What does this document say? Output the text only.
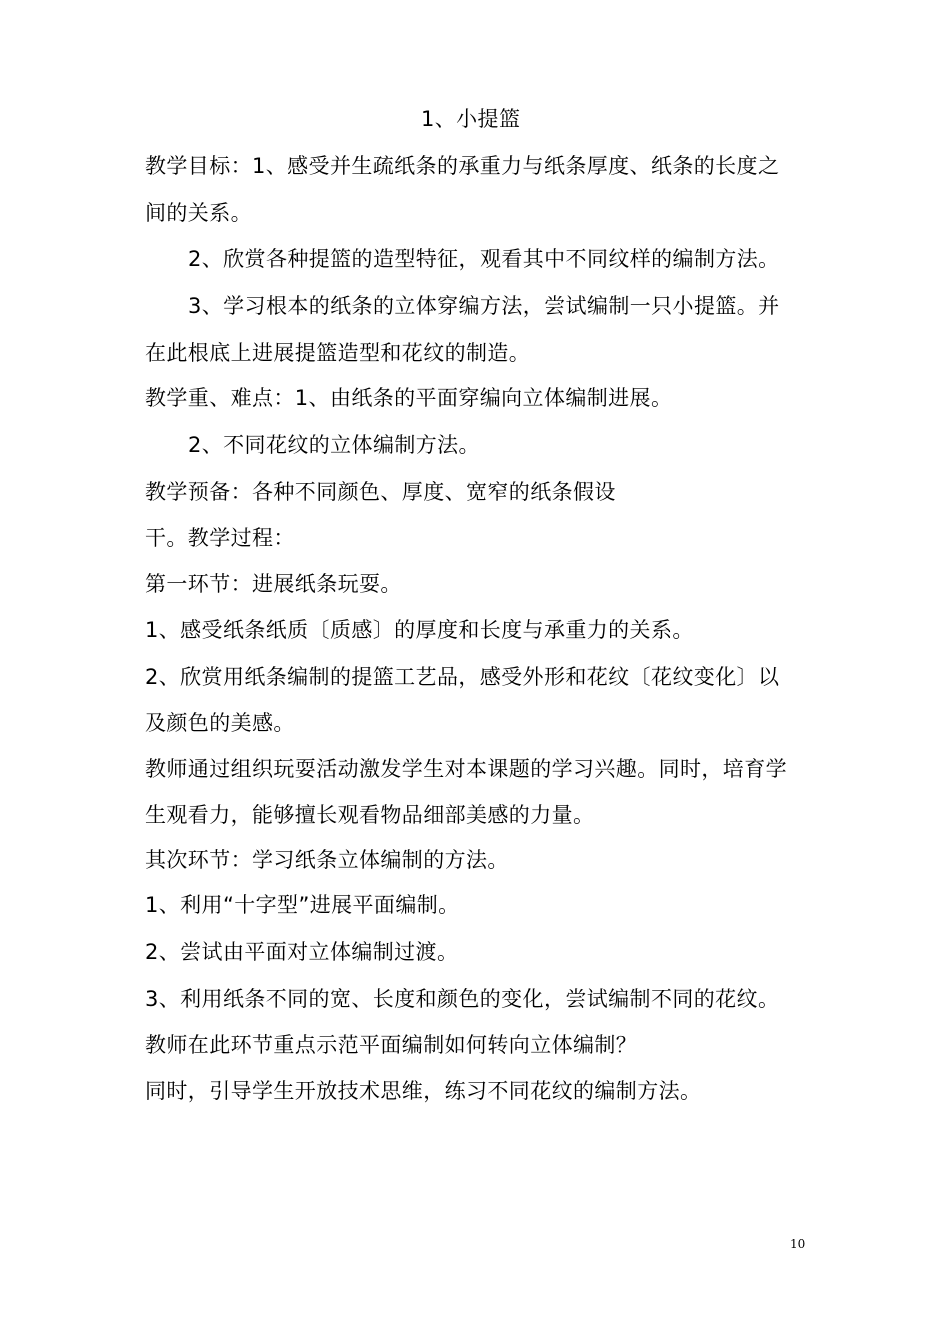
1、小提篮
教学目标：1、感受并生疏纸条的承重力与纸条厚度、纸条的长度之
间的关系。
2、欣赏各种提篮的造型特征，观看其中不同纹样的编制方法。
3、学习根本的纸条的立体穿编方法，尝试编制一只小提篮。并
在此根底上进展提篮造型和花纹的制造。
教学重、难点：1、由纸条的平面穿编向立体编制进展。
2、不同花纹的立体编制方法。
教学预备：各种不同颜色、厚度、宽窄的纸条假设
干。教学过程：
第一环节：进展纸条玩耍。
1、感受纸条纸质〔质感〕的厚度和长度与承重力的关系。
2、欣赏用纸条编制的提篮工艺品，感受外形和花纹〔花纹变化〕以
及颜色的美感。
教师通过组织玩耍活动激发学生对本课题的学习兴趣。同时，培育学
生观看力，能够擅长观看物品细部美感的力量。
其次环节：学习纸条立体编制的方法。
1、利用“十字型”进展平面编制。
2、尝试由平面对立体编制过渡。
3、利用纸条不同的宽、长度和颜色的变化，尝试编制不同的花纹。
教师在此环节重点示范平面编制如何转向立体编制？
同时，引导学生开放技术思维，练习不同花纹的编制方法。
10
